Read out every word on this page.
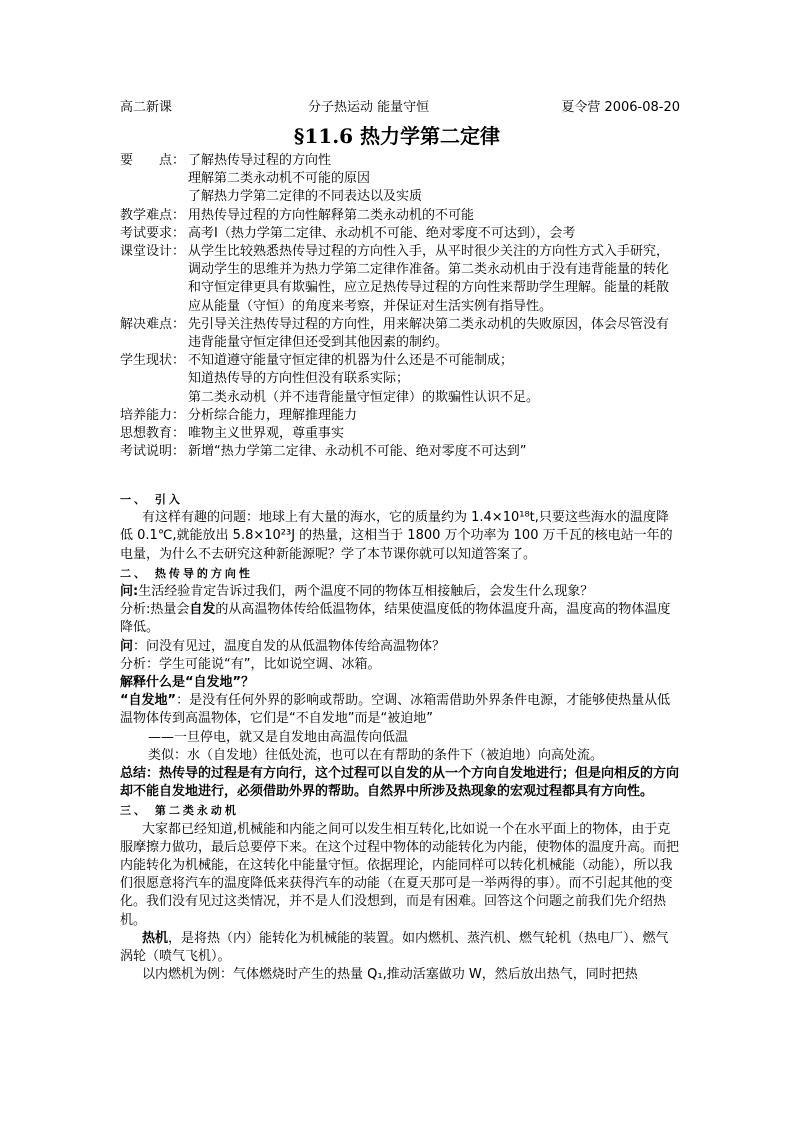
高二新课	分子热运动 能量守恒	夏令营 2006-08-20
§11.6 热力学第二定律
要　　点： 了解热传导过程的方向性

理解第二类永动机不可能的原因

了解热力学第二定律的不同表达以及实质

教学难点： 用热传导过程的方向性解释第二类永动机的不可能
考试要求： 高考Ⅰ（热力学第二定律、永动机不可能、绝对零度不可达到），会考
课堂设计： 从学生比较熟悉热传导过程的方向性入手，从平时很少关注的方向性方式入手研究，调动学生的思维并为热力学第二定律作准备。第二类永动机由于没有违背能量的转化和守恒定律更具有欺骗性，应立足热传导过程的方向性来帮助学生理解。能量的耗散应从能量（守恒）的角度来考察，并保证对生活实例有指导性。
解决难点： 先引导关注热传导过程的方向性，用来解决第二类永动机的失败原因，体会尽管没有违背能量守恒定律但还受到其他因素的制约。
学生现状： 不知道遵守能量守恒定律的机器为什么还是不可能制成；

知道热传导的方向性但没有联系实际；

第二类永动机（并不违背能量守恒定律）的欺骗性认识不足。

培养能力： 分析综合能力，理解推理能力
思想教育： 唯物主义世界观，尊重事实
考试说明： 新增“热力学第二定律、永动机不可能、绝对零度不可达到”

一、 引入

有这样有趣的问题：地球上有大量的海水，它的质量约为 1.4×10¹⁸t,只要这些海水的温度降低 0.1℃,就能放出 5.8×10²³J 的热量，这相当于 1800 万个功率为 100 万千瓦的核电站一年的电量，为什么不去研究这种新能源呢？学了本节课你就可以知道答案了。

二、 热传导的方向性

问:生活经验肯定告诉过我们，两个温度不同的物体互相接触后，会发生什么现象？

分析:热量会自发的从高温物体传给低温物体，结果使温度低的物体温度升高，温度高的物体温度降低。

问：问没有见过，温度自发的从低温物体传给高温物体？

分析：学生可能说“有”，比如说空调、冰箱。

解释什么是“自发地”？

“自发地”：是没有任何外界的影响或帮助。空调、冰箱需借助外界条件电源，才能够使热量从低温物体传到高温物体，它们是“不自发地”而是“被迫地”

——一旦停电，就又是自发地由高温传向低温

类似：水（自发地）往低处流，也可以在有帮助的条件下（被迫地）向高处流。

总结：热传导的过程是有方向行，这个过程可以自发的从一个方向自发地进行；但是向相反的方向却不能自发地进行，必须借助外界的帮助。自然界中所涉及热现象的宏观过程都具有方向性。

三、 第二类永动机

大家都已经知道,机械能和内能之间可以发生相互转化,比如说一个在水平面上的物体，由于克服摩擦力做功，最后总要停下来。在这个过程中物体的动能转化为内能，使物体的温度升高。而把内能转化为机械能，在这转化中能量守恒。依据理论，内能同样可以转化机械能（动能），所以我们很愿意将汽车的温度降低来获得汽车的动能（在夏天那可是一举两得的事）。而不引起其他的变化。我们没有见过这类情况，并不是人们没想到，而是有困难。回答这个问题之前我们先介绍热机。

热机，是将热（内）能转化为机械能的装置。如内燃机、蒸汽机、燃气轮机（热电厂）、燃气涡轮（喷气飞机）。

以内燃机为例：气体燃烧时产生的热量 Q₁,推动活塞做功 W，然后放出热气，同时把热
